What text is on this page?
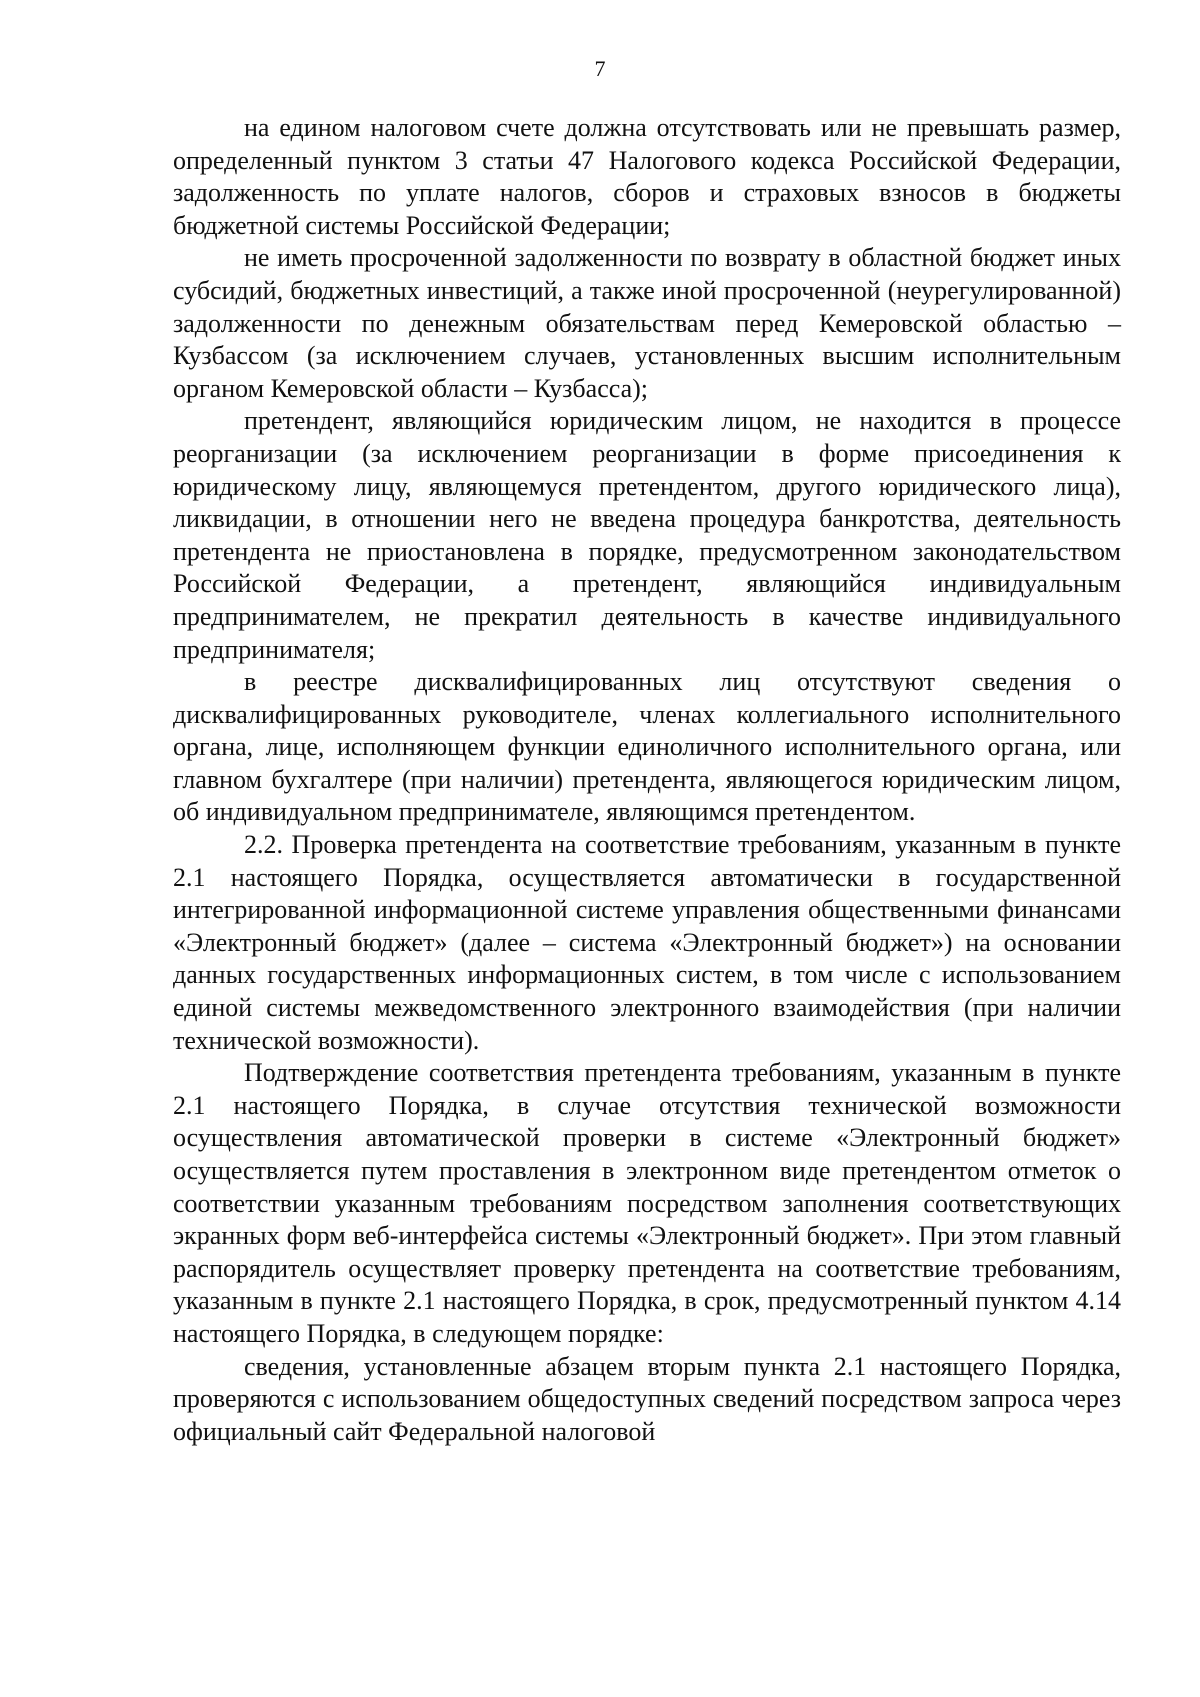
7

на едином налоговом счете должна отсутствовать или не превышать размер, определенный пунктом 3 статьи 47 Налогового кодекса Российской Федерации, задолженность по уплате налогов, сборов и страховых взносов в бюджеты бюджетной системы Российской Федерации;

не иметь просроченной задолженности по возврату в областной бюджет иных субсидий, бюджетных инвестиций, а также иной просроченной (неурегулированной) задолженности по денежным обязательствам перед Кемеровской областью – Кузбассом (за исключением случаев, установленных высшим исполнительным органом Кемеровской области – Кузбасса);

претендент, являющийся юридическим лицом, не находится в процессе реорганизации (за исключением реорганизации в форме присоединения к юридическому лицу, являющемуся претендентом, другого юридического лица), ликвидации, в отношении него не введена процедура банкротства, деятельность претендента не приостановлена в порядке, предусмотренном законодательством Российской Федерации, а претендент, являющийся индивидуальным предпринимателем, не прекратил деятельность в качестве индивидуального предпринимателя;

в реестре дисквалифицированных лиц отсутствуют сведения о дисквалифицированных руководителе, членах коллегиального исполнительного органа, лице, исполняющем функции единоличного исполнительного органа, или главном бухгалтере (при наличии) претендента, являющегося юридическим лицом, об индивидуальном предпринимателе, являющимся претендентом.

2.2. Проверка претендента на соответствие требованиям, указанным в пункте 2.1 настоящего Порядка, осуществляется автоматически в государственной интегрированной информационной системе управления общественными финансами «Электронный бюджет» (далее – система «Электронный бюджет») на основании данных государственных информационных систем, в том числе с использованием единой системы межведомственного электронного взаимодействия (при наличии технической возможности).

Подтверждение соответствия претендента требованиям, указанным в пункте 2.1 настоящего Порядка, в случае отсутствия технической возможности осуществления автоматической проверки в системе «Электронный бюджет» осуществляется путем проставления в электронном виде претендентом отметок о соответствии указанным требованиям посредством заполнения соответствующих экранных форм веб-интерфейса системы «Электронный бюджет». При этом главный распорядитель осуществляет проверку претендента на соответствие требованиям, указанным в пункте 2.1 настоящего Порядка, в срок, предусмотренный пунктом 4.14 настоящего Порядка, в следующем порядке:

сведения, установленные абзацем вторым пункта 2.1 настоящего Порядка, проверяются с использованием общедоступных сведений посредством запроса через официальный сайт Федеральной налоговой
